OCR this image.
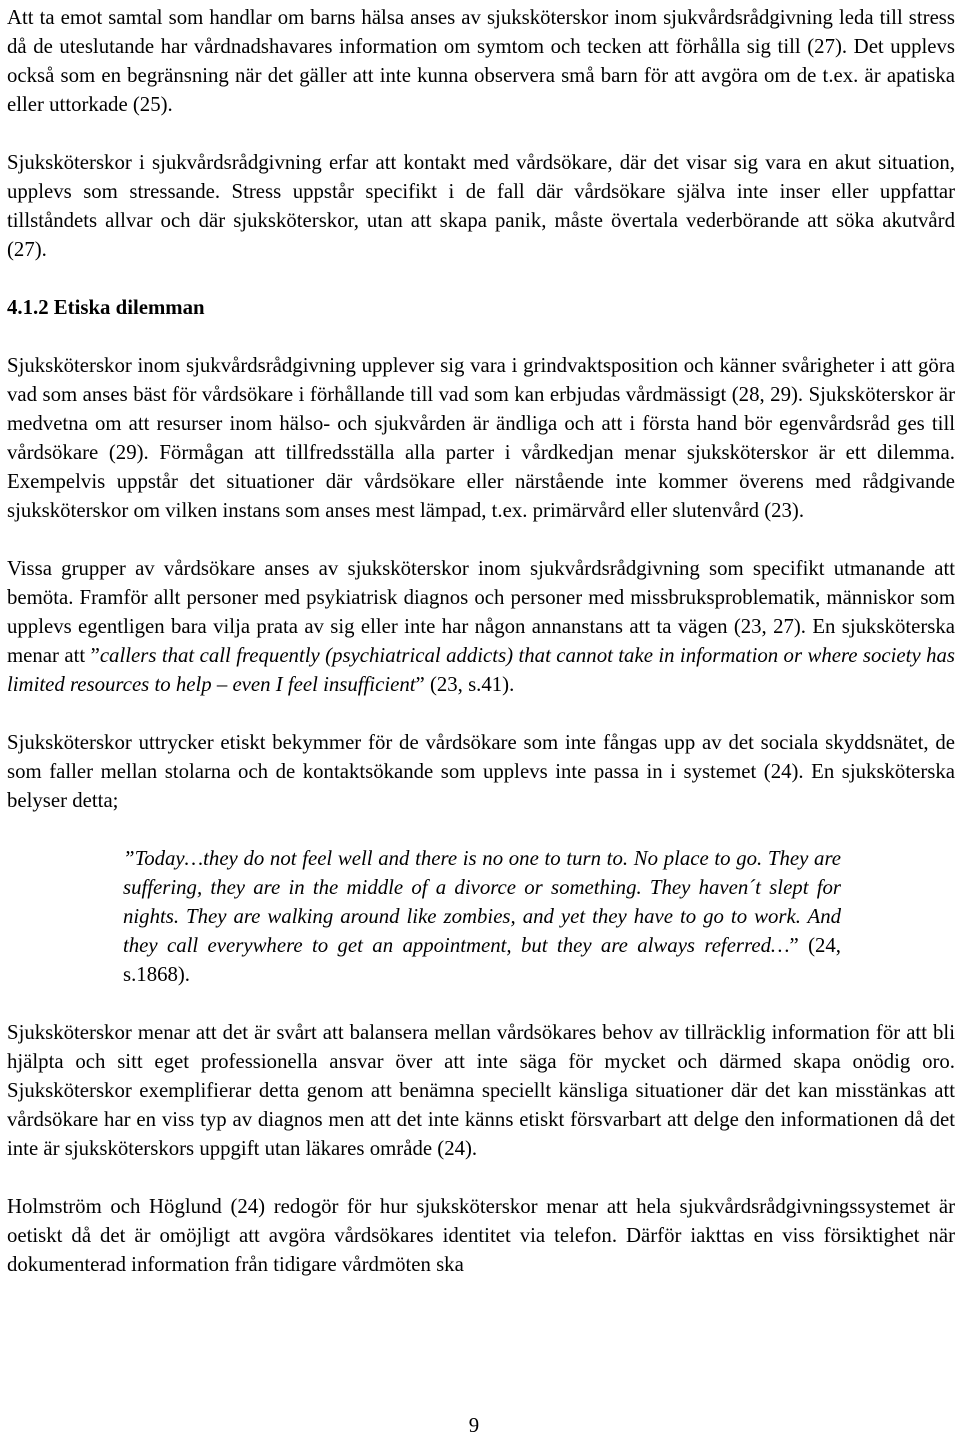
Att ta emot samtal som handlar om barns hälsa anses av sjuksköterskor inom sjukvårdsrådgivning leda till stress då de uteslutande har vårdnadshavares information om symtom och tecken att förhålla sig till (27). Det upplevs också som en begränsning när det gäller att inte kunna observera små barn för att avgöra om de t.ex. är apatiska eller uttorkade (25).

Sjuksköterskor i sjukvårdsrådgivning erfar att kontakt med vårdsökare, där det visar sig vara en akut situation, upplevs som stressande. Stress uppstår specifikt i de fall där vårdsökare själva inte inser eller uppfattar tillståndets allvar och där sjuksköterskor, utan att skapa panik, måste övertala vederbörande att söka akutvård (27).

4.1.2 Etiska dilemman

Sjuksköterskor inom sjukvårdsrådgivning upplever sig vara i grindvaktsposition och känner svårigheter i att göra vad som anses bäst för vårdsökare i förhållande till vad som kan erbjudas vårdmässigt (28, 29). Sjuksköterskor är medvetna om att resurser inom hälso- och sjukvården är ändliga och att i första hand bör egenvårdsråd ges till vårdsökare (29). Förmågan att tillfredsställa alla parter i vårdkedjan menar sjuksköterskor är ett dilemma. Exempelvis uppstår det situationer där vårdsökare eller närstående inte kommer överens med rådgivande sjuksköterskor om vilken instans som anses mest lämpad, t.ex. primärvård eller slutenvård (23).

Vissa grupper av vårdsökare anses av sjuksköterskor inom sjukvårdsrådgivning som specifikt utmanande att bemöta. Framför allt personer med psykiatrisk diagnos och personer med missbruksproblematik, människor som upplevs egentligen bara vilja prata av sig eller inte har någon annanstans att ta vägen (23, 27). En sjuksköterska menar att ”callers that call frequently (psychiatrical addicts) that cannot take in information or where society has limited resources to help – even I feel insufficient” (23, s.41).

Sjuksköterskor uttrycker etiskt bekymmer för de vårdsökare som inte fångas upp av det sociala skyddsnätet, de som faller mellan stolarna och de kontaktsökande som upplevs inte passa in i systemet (24). En sjuksköterska belyser detta;

”Today…they do not feel well and there is no one to turn to. No place to go. They are suffering, they are in the middle of a divorce or something. They haven´t slept for nights. They are walking around like zombies, and yet they have to go to work. And they call everywhere to get an appointment, but they are always referred…” (24, s.1868).

Sjuksköterskor menar att det är svårt att balansera mellan vårdsökares behov av tillräcklig information för att bli hjälpta och sitt eget professionella ansvar över att inte säga för mycket och därmed skapa onödig oro. Sjuksköterskor exemplifierar detta genom att benämna speciellt känsliga situationer där det kan misstänkas att vårdsökare har en viss typ av diagnos men att det inte känns etiskt försvarbart att delge den informationen då det inte är sjuksköterskors uppgift utan läkares område (24).

Holmström och Höglund (24) redogör för hur sjuksköterskor menar att hela sjukvårdsrådgivningssystemet är oetiskt då det är omöjligt att avgöra vårdsökares identitet via telefon. Därför iakttas en viss försiktighet när dokumenterad information från tidigare vårdmöten ska

9
